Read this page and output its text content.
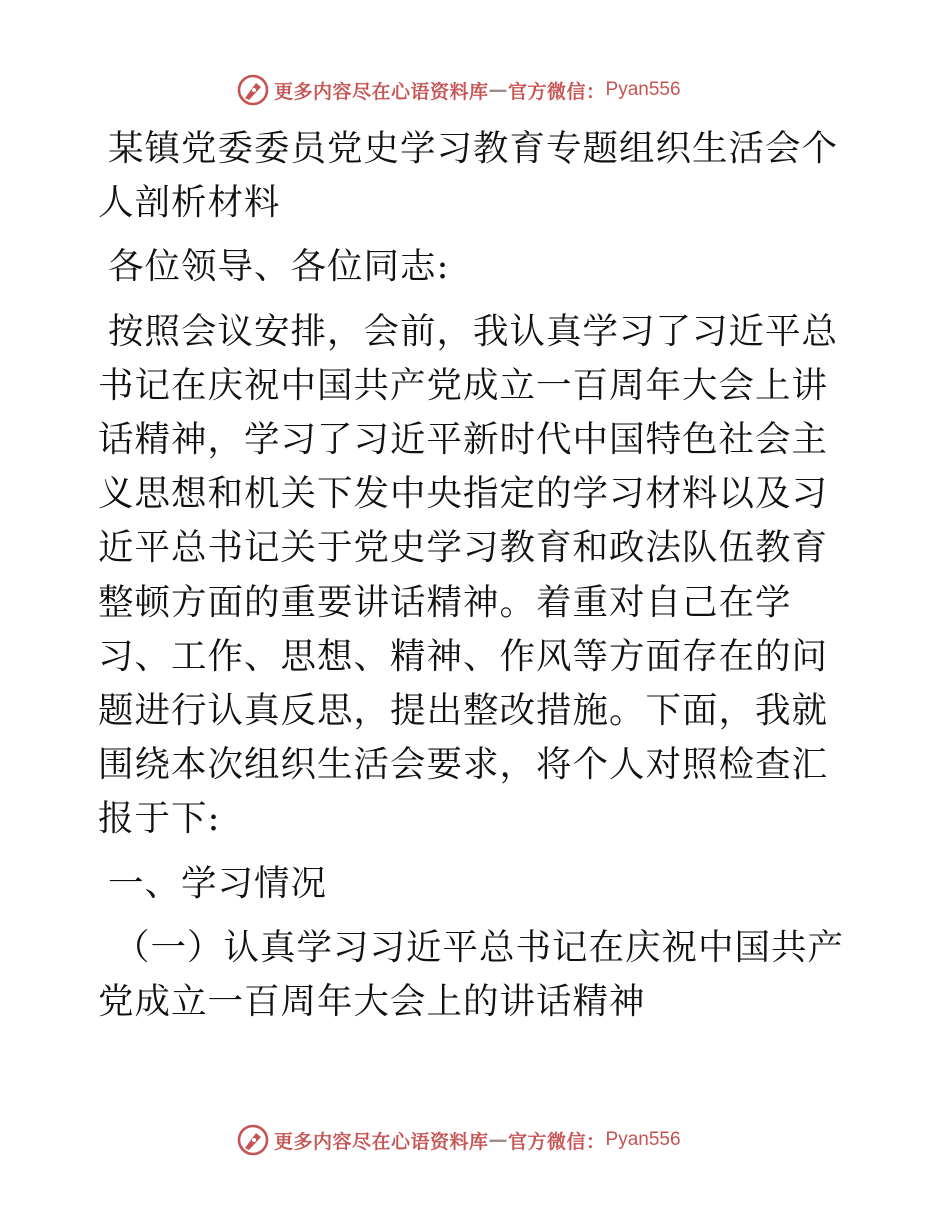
更多内容尽在心语资料库 — 官方微信： Pyan556

某镇党委委员党史学习教育专题组织生活会个人剖析材料

各位领导、各位同志:

按照会议安排，会前，我认真学习了习近平总书记在庆祝中国共产党成立一百周年大会上讲话精神，学习了习近平新时代中国特色社会主义思想和机关下发中央指定的学习材料以及习近平总书记关于党史学习教育和政法队伍教育整顿方面的重要讲话精神。着重对自己在学习、工作、思想、精神、作风等方面存在的问题进行认真反思，提出整改措施。下面，我就围绕本次组织生活会要求，将个人对照检查汇报于下:

一、学习情况

（一）认真学习习近平总书记在庆祝中国共产党成立一百周年大会上的讲话精神

更多内容尽在心语资料库 — 官方微信： Pyan556
